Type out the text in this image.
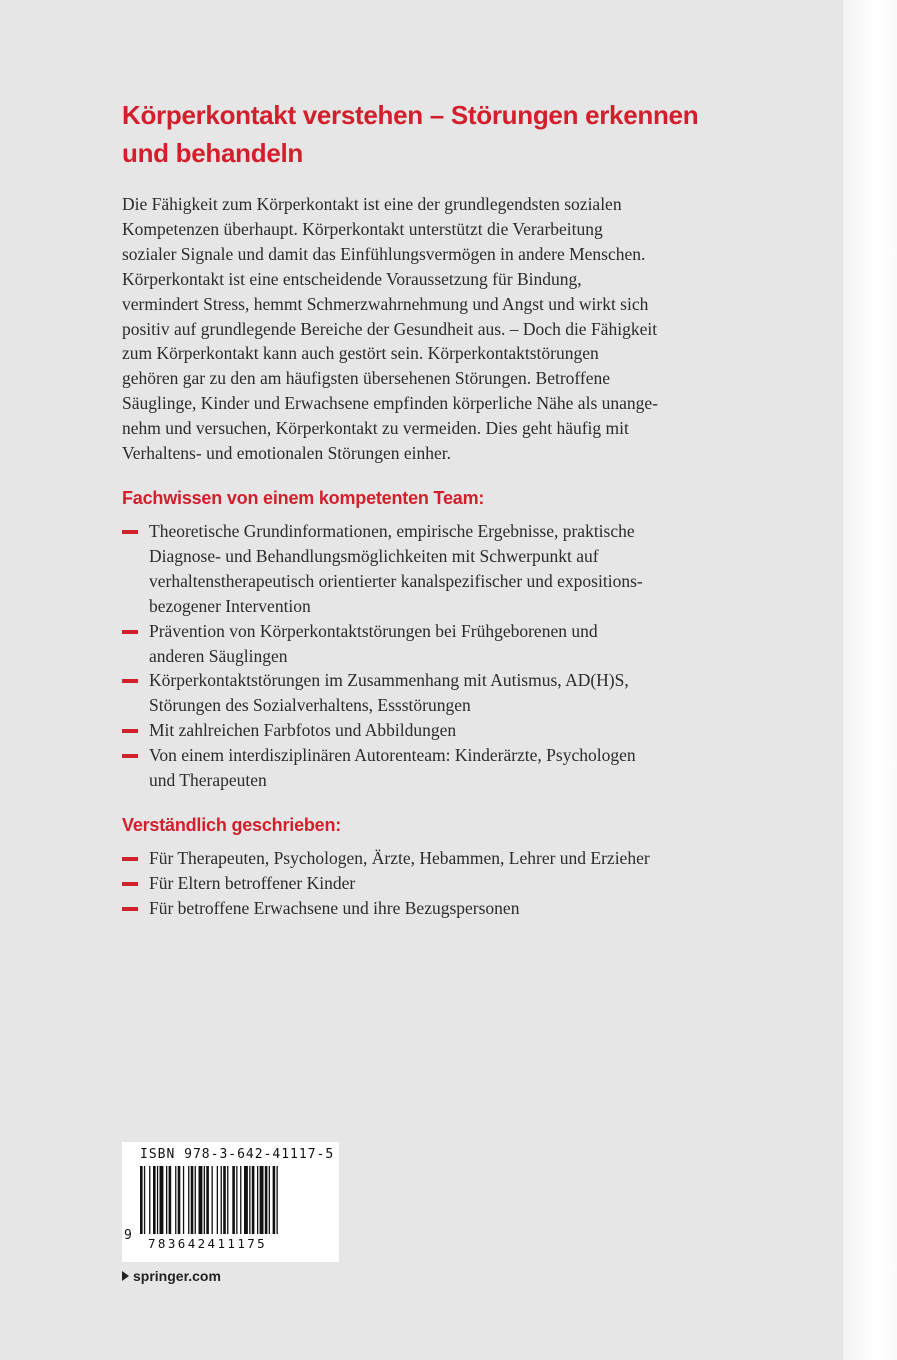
Körperkontakt verstehen – Störungen erkennen
und behandeln

Die Fähigkeit zum Körperkontakt ist eine der grundlegendsten sozialen
Kompetenzen überhaupt. Körperkontakt unterstützt die Verarbeitung
sozialer Signale und damit das Einfühlungsvermögen in andere Menschen.
Körperkontakt ist eine entscheidende Voraussetzung für Bindung,
vermindert Stress, hemmt Schmerzwahrnehmung und Angst und wirkt sich
positiv auf grundlegende Bereiche der Gesundheit aus. – Doch die Fähigkeit
zum Körperkontakt kann auch gestört sein. Körperkontaktstörungen
gehören gar zu den am häufigsten übersehenen Störungen. Betroffene
Säuglinge, Kinder und Erwachsene empfinden körperliche Nähe als unange-
nehm und versuchen, Körperkontakt zu vermeiden. Dies geht häufig mit
Verhaltens- und emotionalen Störungen einher.

Fachwissen von einem kompetenten Team:
Theoretische Grundinformationen, empirische Ergebnisse, praktische
Diagnose- und Behandlungsmöglichkeiten mit Schwerpunkt auf
verhaltenstherapeutisch orientierter kanalspezifischer und expositions-
bezogener Intervention
Prävention von Körperkontaktstörungen bei Frühgeborenen und
anderen Säuglingen
Körperkontaktstörungen im Zusammenhang mit Autismus, AD(H)S,
Störungen des Sozialverhaltens, Essstörungen
Mit zahlreichen Farbfotos und Abbildungen
Von einem interdisziplinären Autorenteam: Kinderärzte, Psychologen
und Therapeuten
Verständlich geschrieben:
Für Therapeuten, Psychologen, Ärzte, Hebammen, Lehrer und Erzieher
Für Eltern betroffener Kinder
Für betroffene Erwachsene und ihre Bezugspersonen
ISBN 978-3-642-41117-5
9
783642411175
springer.com
